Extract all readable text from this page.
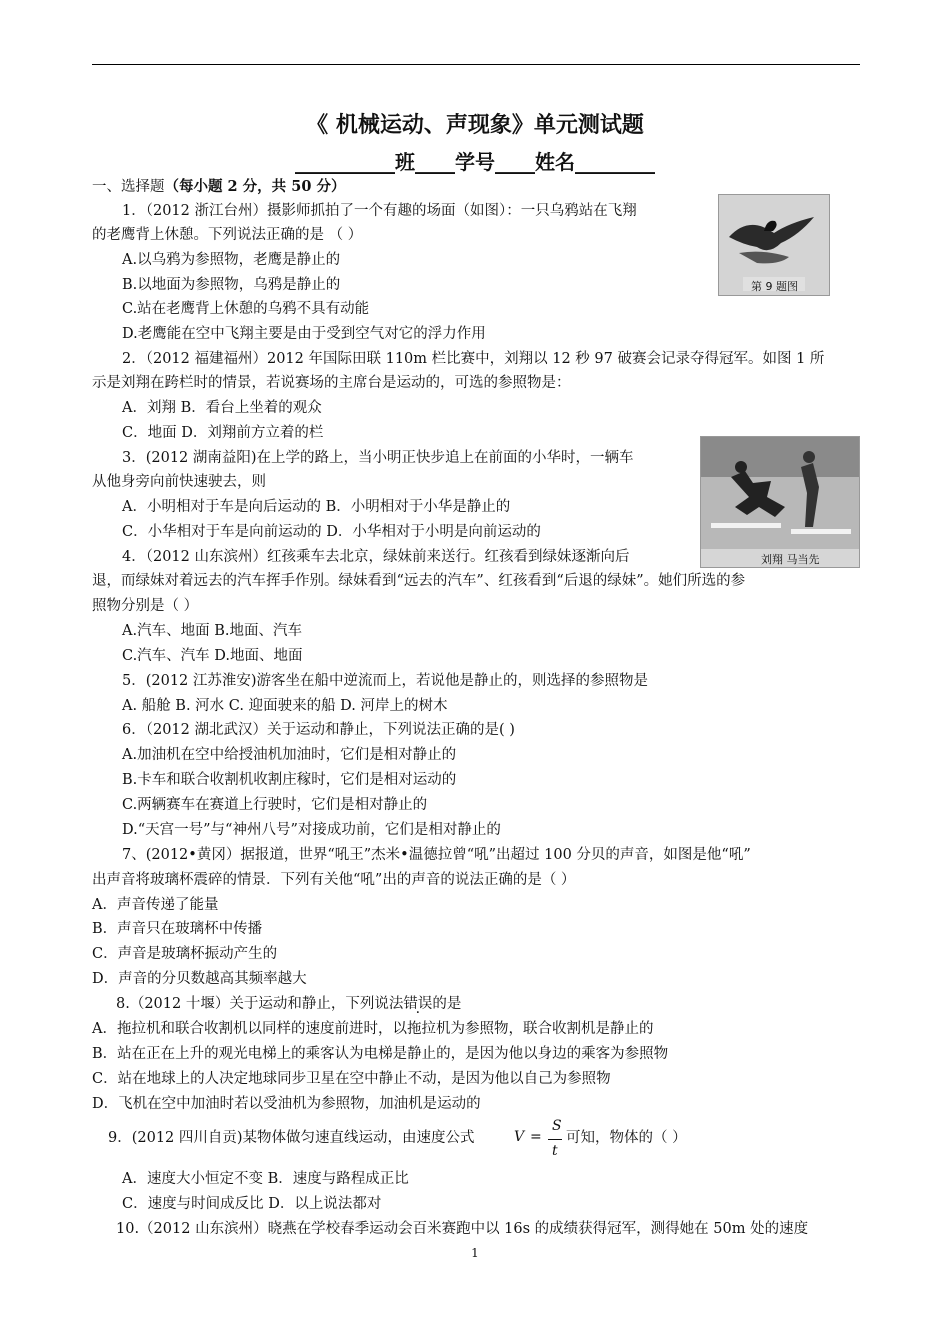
《 机械运动、声现象》单元测试题
__________班____学号____姓名________
一、选择题（每小题 2 分，共 50 分）
1．（2012 浙江台州）摄影师抓拍了一个有趣的场面（如图）：一只乌鸦站在飞翔
的老鹰背上休憩。下列说法正确的是 （ ）
A.以乌鸦为参照物，老鹰是静止的
B.以地面为参照物，乌鸦是静止的
C.站在老鹰背上休憩的乌鸦不具有动能
D.老鹰能在空中飞翔主要是由于受到空气对它的浮力作用
第 9 题图
2．（2012 福建福州）2012 年国际田联 110m 栏比赛中，刘翔以 12 秒 97 破赛会记录夺得冠军。如图 1 所
示是刘翔在跨栏时的情景，若说赛场的主席台是运动的，可选的参照物是：
A．刘翔 B．看台上坐着的观众
C．地面 D．刘翔前方立着的栏
刘翔 马当先
3．(2012 湖南益阳)在上学的路上，当小明正快步追上在前面的小华时，一辆车
从他身旁向前快速驶去，则
A．小明相对于车是向后运动的 B．小明相对于小华是静止的
C．小华相对于车是向前运动的 D．小华相对于小明是向前运动的
4．（2012 山东滨州）红孩乘车去北京，绿妹前来送行。红孩看到绿妹逐渐向后
退，而绿妹对着远去的汽车挥手作别。绿妹看到“远去的汽车”、红孩看到“后退的绿妹”。她们所选的参
照物分别是（ ）
A.汽车、地面 B.地面、汽车
C.汽车、汽车 D.地面、地面
5．(2012 江苏淮安)游客坐在船中逆流而上，若说他是静止的，则选择的参照物是
A. 船舱 B. 河水 C. 迎面驶来的船 D. 河岸上的树木
6．（2012 湖北武汉）关于运动和静止，下列说法正确的是( )
A.加油机在空中给授油机加油时，它们是相对静止的
B.卡车和联合收割机收割庄稼时，它们是相对运动的
C.两辆赛车在赛道上行驶时，它们是相对静止的
D.“天宫一号”与“神州八号”对接成功前，它们是相对静止的
7、(2012•黄冈）据报道，世界“吼王”杰米•温德拉曾“吼”出超过 100 分贝的声音，如图是他“吼”
出声音将玻璃杯震碎的情景．下列有关他“吼”出的声音的说法正确的是（ ）
A．声音传递了能量
B．声音只在玻璃杯中传播
C．声音是玻璃杯振动产生的
D．声音的分贝数越高其频率越大
8.（2012 十堰）关于运动和静止，下列说法错误的是
A．拖拉机和联合收割机以同样的速度前进时，以拖拉机为参照物，联合收割机是静止的
B．站在正在上升的观光电梯上的乘客认为电梯是静止的，是因为他以身边的乘客为参照物
C．站在地球上的人决定地球同步卫星在空中静止不动，是因为他以自己为参照物
D．飞机在空中加油时若以受油机为参照物，加油机是运动的
9．(2012 四川自贡)某物体做匀速直线运动，由速度公式	V =
S
t
可知，物体的（ ）
A．速度大小恒定不变 B．速度与路程成正比
C．速度与时间成反比 D．以上说法都对
10.（2012 山东滨州）晓燕在学校春季运动会百米赛跑中以 16s 的成绩获得冠军，测得她在 50m 处的速度
1
